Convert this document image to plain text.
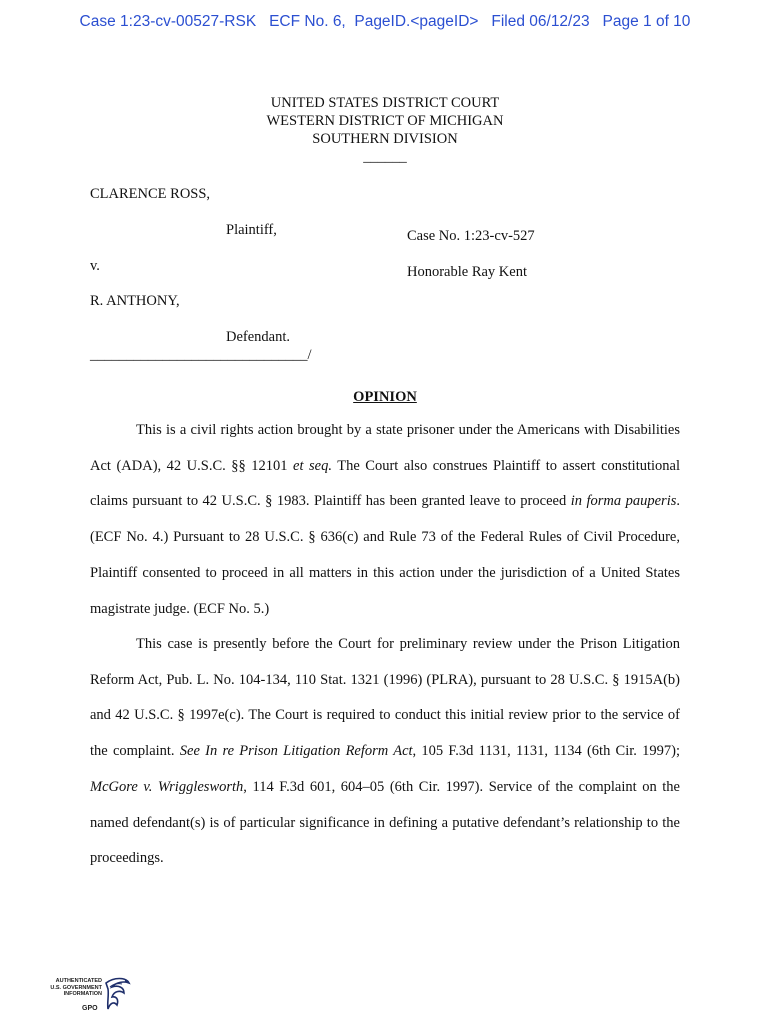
Case 1:23-cv-00527-RSK   ECF No. 6,  PageID.<pageID>   Filed 06/12/23   Page 1 of 10
UNITED STATES DISTRICT COURT
WESTERN DISTRICT OF MICHIGAN
SOUTHERN DIVISION
______
CLARENCE ROSS,
Plaintiff,	Case No. 1:23-cv-527
v.	Honorable Ray Kent
R. ANTHONY,
Defendant.
______________________________/
OPINION

This is a civil rights action brought by a state prisoner under the Americans with Disabilities Act (ADA), 42 U.S.C. §§ 12101 et seq. The Court also construes Plaintiff to assert constitutional claims pursuant to 42 U.S.C. § 1983. Plaintiff has been granted leave to proceed in forma pauperis. (ECF No. 4.) Pursuant to 28 U.S.C. § 636(c) and Rule 73 of the Federal Rules of Civil Procedure, Plaintiff consented to proceed in all matters in this action under the jurisdiction of a United States magistrate judge. (ECF No. 5.)

This case is presently before the Court for preliminary review under the Prison Litigation Reform Act, Pub. L. No. 104-134, 110 Stat. 1321 (1996) (PLRA), pursuant to 28 U.S.C. § 1915A(b) and 42 U.S.C. § 1997e(c). The Court is required to conduct this initial review prior to the service of the complaint. See In re Prison Litigation Reform Act, 105 F.3d 1131, 1131, 1134 (6th Cir. 1997); McGore v. Wrigglesworth, 114 F.3d 601, 604–05 (6th Cir. 1997). Service of the complaint on the named defendant(s) is of particular significance in defining a putative defendant’s relationship to the proceedings.

AUTHENTICATED
U.S. GOVERNMENT
INFORMATION
GPO
